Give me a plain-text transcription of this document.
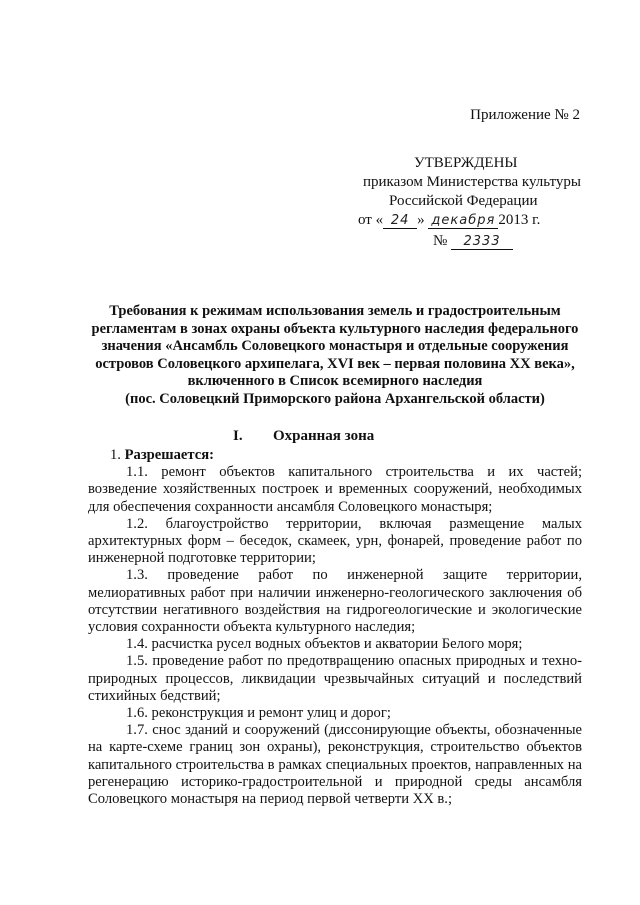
Приложение № 2
УТВЕРЖДЕНЫ
приказом Министерства культуры
Российской Федерации
от « 24 » декабря 2013 г.
№ 2333
Требования к режимам использования земель и градостроительным
регламентам в зонах охраны объекта культурного наследия федерального
значения «Ансамбль Соловецкого монастыря и отдельные сооружения
островов Соловецкого архипелага, XVI век – первая половина XX века»,
включенного в Список всемирного наследия
(пос. Соловецкий Приморского района Архангельской области)
I. Охранная зона

1. Разрешается:

1.1. ремонт объектов капитального строительства и их частей; возведение хозяйственных построек и временных сооружений, необходимых для обеспечения сохранности ансамбля Соловецкого монастыря;

1.2. благоустройство территории, включая размещение малых архитектурных форм – беседок, скамеек, урн, фонарей, проведение работ по инженерной подготовке территории;

1.3. проведение работ по инженерной защите территории, мелиоративных работ при наличии инженерно-геологического заключения об отсутствии негативного воздействия на гидрогеологические и экологические условия сохранности объекта культурного наследия;

1.4. расчистка русел водных объектов и акватории Белого моря;

1.5. проведение работ по предотвращению опасных природных и техно-природных процессов, ликвидации чрезвычайных ситуаций и последствий стихийных бедствий;

1.6. реконструкция и ремонт улиц и дорог;

1.7. снос зданий и сооружений (диссонирующие объекты, обозначенные на карте-схеме границ зон охраны), реконструкция, строительство объектов капитального строительства в рамках специальных проектов, направленных на регенерацию историко-градостроительной и природной среды ансамбля Соловецкого монастыря на период первой четверти XX в.;
